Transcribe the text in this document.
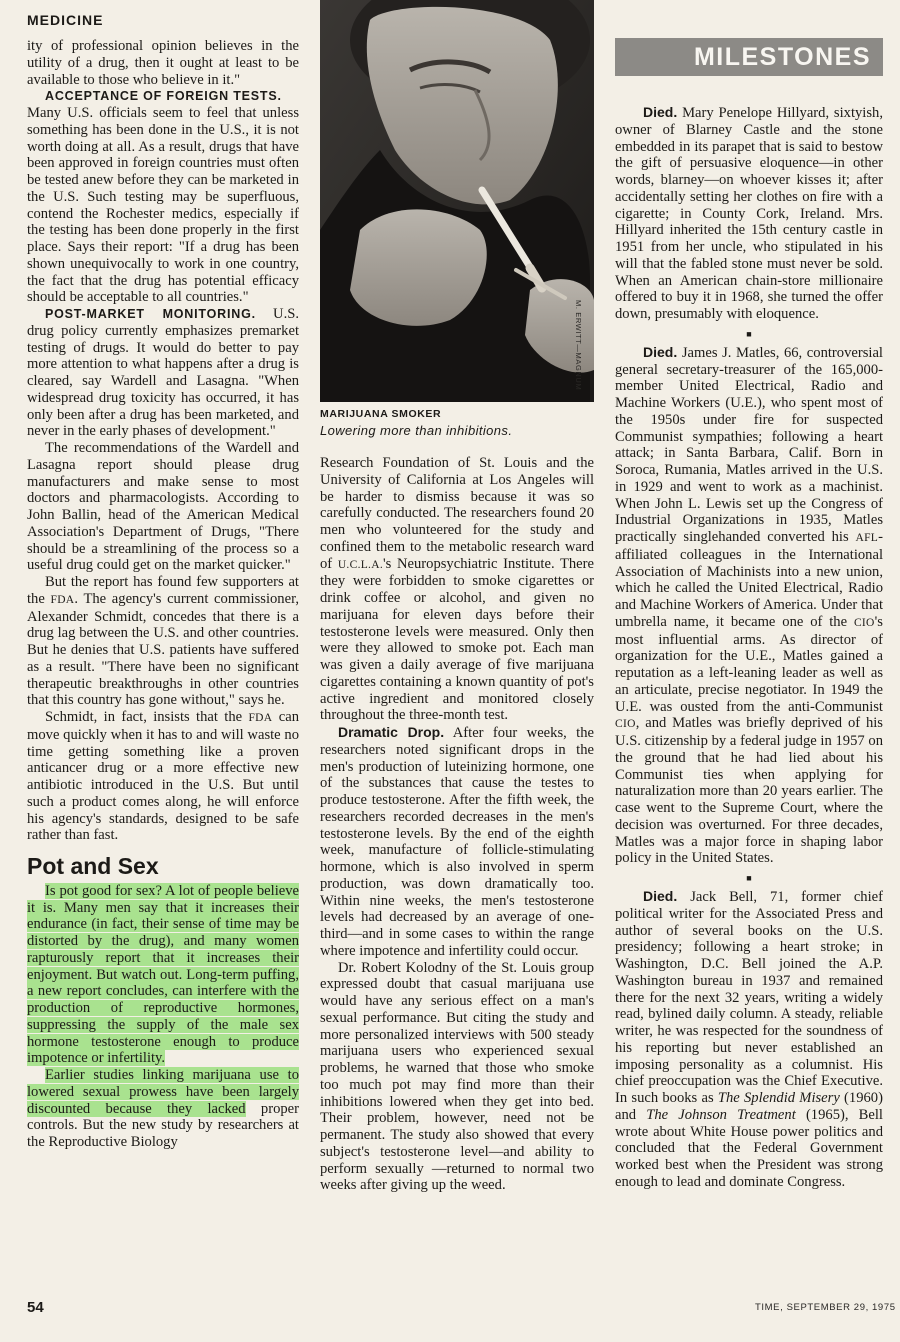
MEDICINE

ity of professional opinion believes in the utility of a drug, then it ought at least to be available to those who believe in it."

ACCEPTANCE OF FOREIGN TESTS.

Many U.S. officials seem to feel that unless something has been done in the U.S., it is not worth doing at all. As a result, drugs that have been approved in foreign countries must often be tested anew before they can be marketed in the U.S. Such testing may be superfluous, contend the Rochester medics, especially if the testing has been done properly in the first place. Says their report: "If a drug has been shown unequivocally to work in one country, the fact that the drug has potential efficacy should be acceptable to all countries."

POST-MARKET MONITORING. U.S. drug policy currently emphasizes premarket testing of drugs. It would do better to pay more attention to what happens after a drug is cleared, say Wardell and Lasagna. "When widespread drug toxicity has occurred, it has only been after a drug has been marketed, and never in the early phases of development."

The recommendations of the Wardell and Lasagna report should please drug manufacturers and make sense to most doctors and pharmacologists. According to John Ballin, head of the American Medical Association's Department of Drugs, "There should be a streamlining of the process so a useful drug could get on the market quicker."

But the report has found few supporters at the FDA. The agency's current commissioner, Alexander Schmidt, concedes that there is a drug lag between the U.S. and other countries. But he denies that U.S. patients have suffered as a result. "There have been no significant therapeutic breakthroughs in other countries that this country has gone without," says he.

Schmidt, in fact, insists that the FDA can move quickly when it has to and will waste no time getting something like a proven anticancer drug or a more effective new antibiotic introduced in the U.S. But until such a product comes along, he will enforce his agency's standards, designed to be safe rather than fast.

Pot and Sex

Is pot good for sex? A lot of people believe it is. Many men say that it increases their endurance (in fact, their sense of time may be distorted by the drug), and many women rapturously report that it increases their enjoyment. But watch out. Long-term puffing, a new report concludes, can interfere with the production of reproductive hormones, suppressing the supply of the male sex hormone testosterone enough to produce impotence or infertility.

Earlier studies linking marijuana use to lowered sexual prowess have been largely discounted because they lacked proper controls. But the new study by researchers at the Reproductive Biology

M. ERWITT—MAGNUM
MARIJUANA SMOKER
Lowering more than inhibitions.

Research Foundation of St. Louis and the University of California at Los Angeles will be harder to dismiss because it was so carefully conducted. The researchers found 20 men who volunteered for the study and confined them to the metabolic research ward of U.C.L.A.'s Neuropsychiatric Institute. There they were forbidden to smoke cigarettes or drink coffee or alcohol, and given no marijuana for eleven days before their testosterone levels were measured. Only then were they allowed to smoke pot. Each man was given a daily average of five marijuana cigarettes containing a known quantity of pot's active ingredient and monitored closely throughout the three-month test.

Dramatic Drop. After four weeks, the researchers noted significant drops in the men's production of luteinizing hormone, one of the substances that cause the testes to produce testosterone. After the fifth week, the researchers recorded decreases in the men's testosterone levels. By the end of the eighth week, manufacture of follicle-stimulating hormone, which is also involved in sperm production, was down dramatically too. Within nine weeks, the men's testosterone levels had decreased by an average of one-third—and in some cases to within the range where impotence and infertility could occur.

Dr. Robert Kolodny of the St. Louis group expressed doubt that casual marijuana use would have any serious effect on a man's sexual performance. But citing the study and more personalized interviews with 500 steady marijuana users who experienced sexual problems, he warned that those who smoke too much pot may find more than their inhibitions lowered when they get into bed. Their problem, however, need not be permanent. The study also showed that every subject's testosterone level—and ability to perform sexually —returned to normal two weeks after giving up the weed.

MILESTONES

Died. Mary Penelope Hillyard, sixtyish, owner of Blarney Castle and the stone embedded in its parapet that is said to bestow the gift of persuasive eloquence—in other words, blarney—on whoever kisses it; after accidentally setting her clothes on fire with a cigarette; in County Cork, Ireland. Mrs. Hillyard inherited the 15th century castle in 1951 from her uncle, who stipulated in his will that the fabled stone must never be sold. When an American chain-store millionaire offered to buy it in 1968, she turned the offer down, presumably with eloquence.

■

Died. James J. Matles, 66, controversial general secretary-treasurer of the 165,000-member United Electrical, Radio and Machine Workers (U.E.), who spent most of the 1950s under fire for suspected Communist sympathies; following a heart attack; in Santa Barbara, Calif. Born in Soroca, Rumania, Matles arrived in the U.S. in 1929 and went to work as a machinist. When John L. Lewis set up the Congress of Industrial Organizations in 1935, Matles practically singlehanded converted his AFL-affiliated colleagues in the International Association of Machinists into a new union, which he called the United Electrical, Radio and Machine Workers of America. Under that umbrella name, it became one of the CIO's most influential arms. As director of organization for the U.E., Matles gained a reputation as a left-leaning leader as well as an articulate, precise negotiator. In 1949 the U.E. was ousted from the anti-Communist CIO, and Matles was briefly deprived of his U.S. citizenship by a federal judge in 1957 on the ground that he had lied about his Communist ties when applying for naturalization more than 20 years earlier. The case went to the Supreme Court, where the decision was overturned. For three decades, Matles was a major force in shaping labor policy in the United States.

■

Died. Jack Bell, 71, former chief political writer for the Associated Press and author of several books on the U.S. presidency; following a heart stroke; in Washington, D.C. Bell joined the A.P. Washington bureau in 1937 and remained there for the next 32 years, writing a widely read, bylined daily column. A steady, reliable writer, he was respected for the soundness of his reporting but never established an imposing personality as a columnist. His chief preoccupation was the Chief Executive. In such books as The Splendid Misery (1960) and The Johnson Treatment (1965), Bell wrote about White House power politics and concluded that the Federal Government worked best when the President was strong enough to lead and dominate Congress.

54	TIME, SEPTEMBER 29, 1975
